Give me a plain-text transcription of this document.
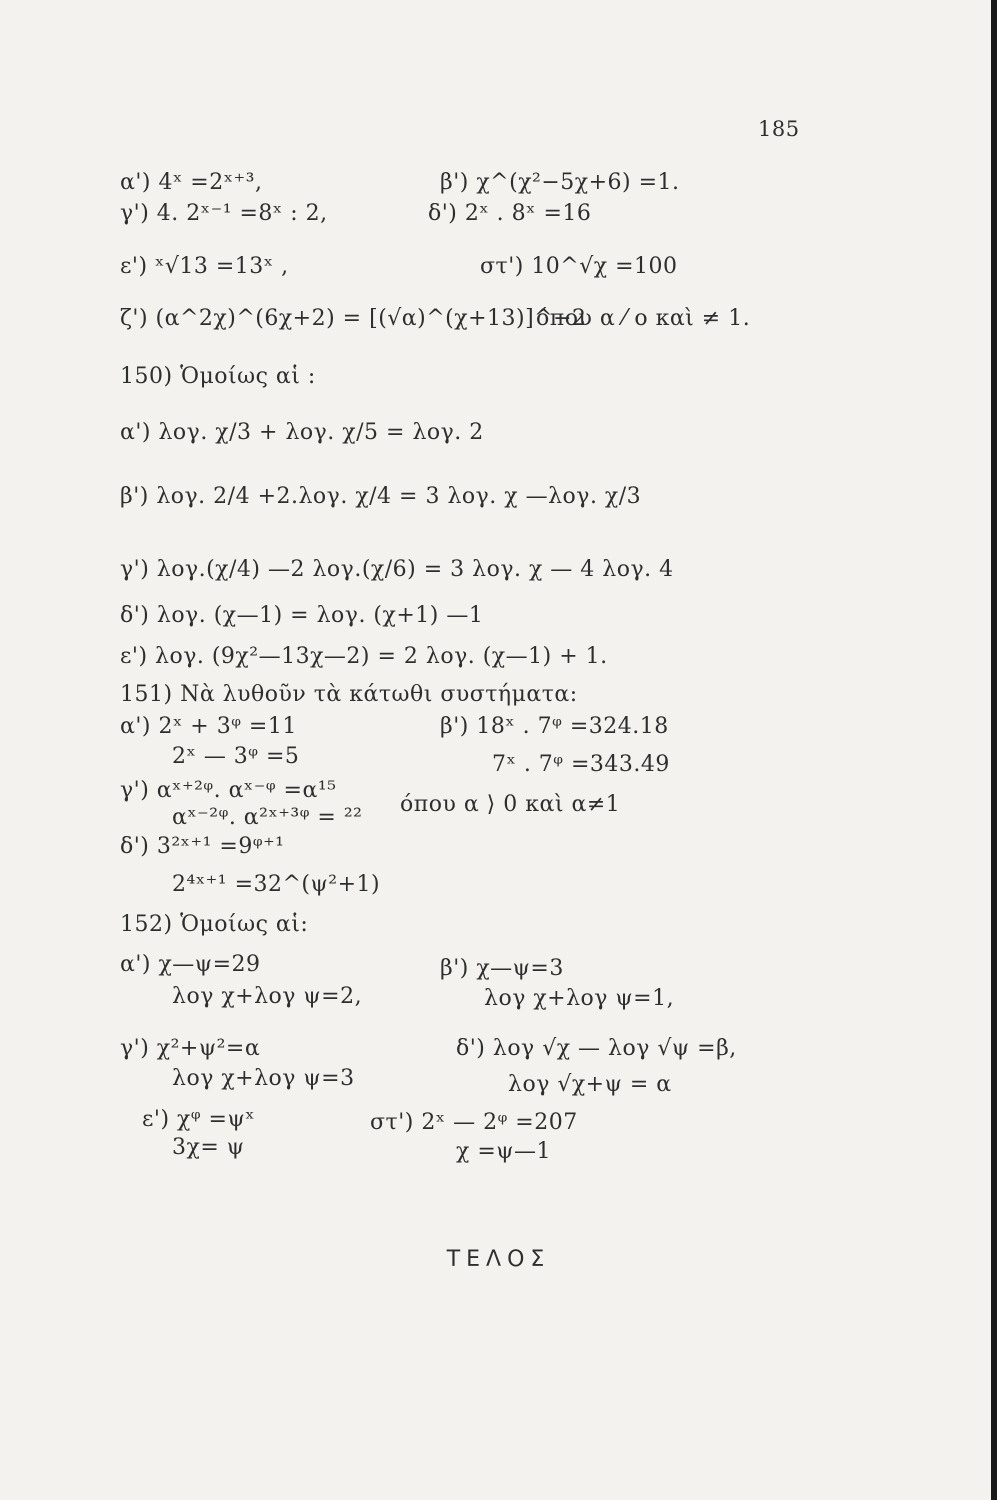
185
α') 4ˣ =2ˣ⁺³,	β') χ^(χ²−5χ+6) =1.
γ') 4. 2ˣ⁻¹ =8ˣ : 2,	δ') 2ˣ . 8ˣ =16
ε') ˣ√13 =13ˣ ,	στ') 10^√χ =100
ζ') (α^2χ)^(6χ+2) = [(√α)^(χ+13)]^−2
όπου α ⁄ ο καὶ ≠ 1.
150) Ὁμοίως αἱ :
α') λογ. χ/3 + λογ. χ/5 = λογ. 2
β') λογ. 2/4 +2.λογ. χ/4 = 3 λογ. χ —λογ. χ/3
γ') λογ.(χ/4) —2 λογ.(χ/6) = 3 λογ. χ — 4 λογ. 4
δ') λογ. (χ—1) = λογ. (χ+1) —1
ε') λογ. (9χ²—13χ—2) = 2 λογ. (χ—1) + 1.
151) Νὰ λυθοῦν τὰ κάτωθι συστήματα:
α') 2ˣ + 3ᵠ =11
2ˣ — 3ᵠ =5
β') 18ˣ . 7ᵠ =324.18
7ˣ . 7ᵠ =343.49
γ') αˣ⁺²ᵠ. αˣ⁻ᵠ =α¹⁵
αˣ⁻²ᵠ. α²ˣ⁺³ᵠ = ²²
όπου α ⟩ 0 καὶ α≠1
δ') 3²ˣ⁺¹ =9ᵠ⁺¹
2⁴ˣ⁺¹ =32^(ψ²+1)
152) Ὁμοίως αἱ:
α') χ—ψ=29
λογ χ+λογ ψ=2,
β') χ—ψ=3
λογ χ+λογ ψ=1,
γ') χ²+ψ²=α
λογ χ+λογ ψ=3
δ') λογ √χ — λογ √ψ =β,
λογ √χ+ψ = α
ε') χᵠ =ψˣ
3χ= ψ
στ') 2ˣ — 2ᵠ =207
χ =ψ—1
ΤΕΛΟΣ
